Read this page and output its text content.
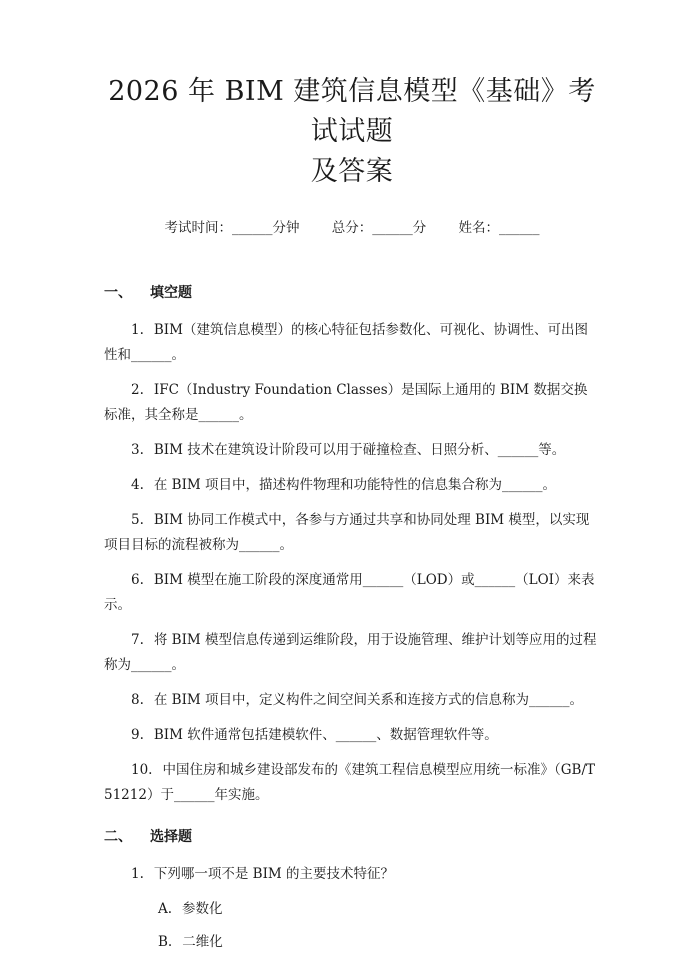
2026 年 BIM 建筑信息模型《基础》考试试题
及答案
考试时间：______分钟 总分：______分 姓名：______
一、 填空题

1. BIM（建筑信息模型）的核心特征包括参数化、可视化、协调性、可出图性和______。

2. IFC（Industry Foundation Classes）是国际上通用的 BIM 数据交换标准，其全称是______。

3. BIM 技术在建筑设计阶段可以用于碰撞检查、日照分析、______等。

4. 在 BIM 项目中，描述构件物理和功能特性的信息集合称为______。

5. BIM 协同工作模式中，各参与方通过共享和协同处理 BIM 模型，以实现项目目标的流程被称为______。

6. BIM 模型在施工阶段的深度通常用______（LOD）或______（LOI）来表示。

7. 将 BIM 模型信息传递到运维阶段，用于设施管理、维护计划等应用的过程称为______。

8. 在 BIM 项目中，定义构件之间空间关系和连接方式的信息称为______。

9. BIM 软件通常包括建模软件、______、数据管理软件等。

10. 中国住房和城乡建设部发布的《建筑工程信息模型应用统一标准》（GB/T 51212）于______年实施。

二、 选择题

1. 下列哪一项不是 BIM 的主要技术特征？

A. 参数化

B. 二维化
